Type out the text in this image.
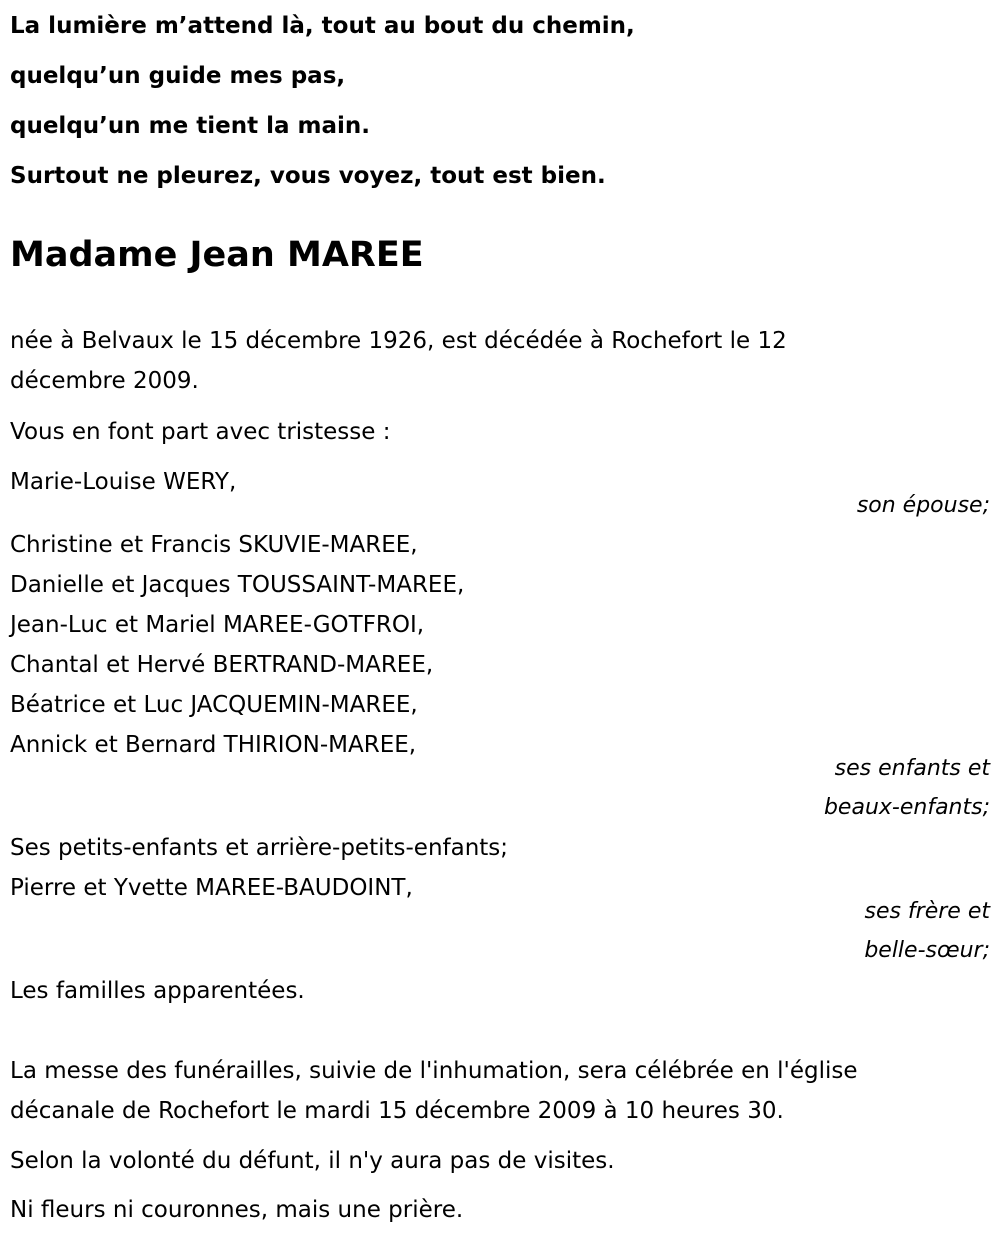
La lumière m’attend là, tout au bout du chemin,

quelqu’un guide mes pas,

quelqu’un me tient la main.

Surtout ne pleurez, vous voyez, tout est bien.

Madame Jean MAREE

née à Belvaux le 15 décembre 1926, est décédée à Rochefort le 12

décembre 2009.

Vous en font part avec tristesse :

Marie-Louise WERY,

son épouse;

Christine et Francis SKUVIE-MAREE,

Danielle et Jacques TOUSSAINT-MAREE,

Jean-Luc et Mariel MAREE-GOTFROI,

Chantal et Hervé BERTRAND-MAREE,

Béatrice et Luc JACQUEMIN-MAREE,

Annick et Bernard THIRION-MAREE,

ses enfants et

beaux-enfants;

Ses petits-enfants et arrière-petits-enfants;

Pierre et Yvette MAREE-BAUDOINT,

ses frère et

belle-sœur;

Les familles apparentées.

La messe des funérailles, suivie de l'inhumation, sera célébrée en l'église

décanale de Rochefort le mardi 15 décembre 2009 à 10 heures 30.

Selon la volonté du défunt, il n'y aura pas de visites.

Ni fleurs ni couronnes, mais une prière.
